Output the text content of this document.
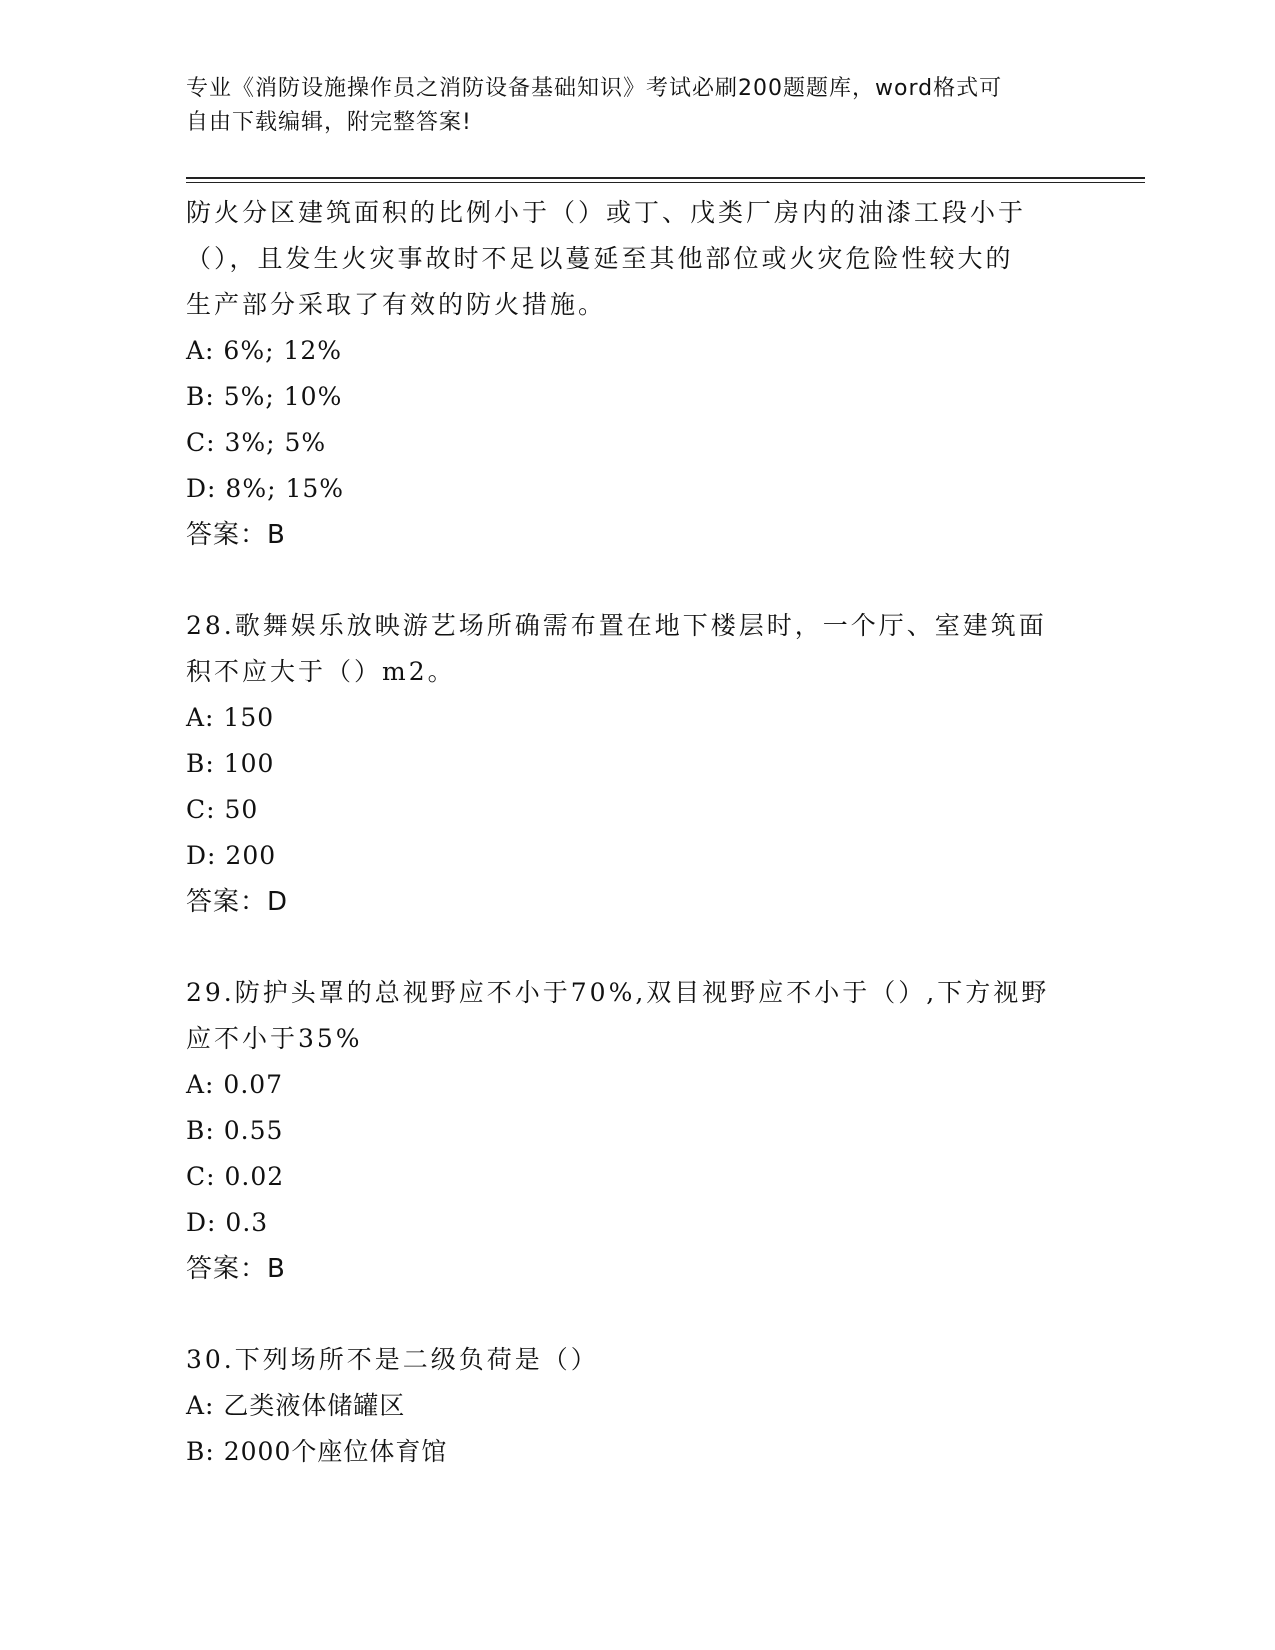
专业《消防设施操作员之消防设备基础知识》考试必刷200题题库，word格式可
自由下载编辑，附完整答案!

防火分区建筑面积的比例小于（）或丁、戊类厂房内的油漆工段小于

（），且发生火灾事故时不足以蔓延至其他部位或火灾危险性较大的

生产部分采取了有效的防火措施。

A: 6%; 12%

B: 5%; 10%

C: 3%; 5%

D: 8%; 15%

答案：B

28.歌舞娱乐放映游艺场所确需布置在地下楼层时，一个厅、室建筑面

积不应大于（）m2。

A: 150

B: 100

C: 50

D: 200

答案：D

29.防护头罩的总视野应不小于70%,双目视野应不小于（）,下方视野

应不小于35%

A: 0.07

B: 0.55

C: 0.02

D: 0.3

答案：B

30.下列场所不是二级负荷是（）

A: 乙类液体储罐区

B: 2000个座位体育馆
